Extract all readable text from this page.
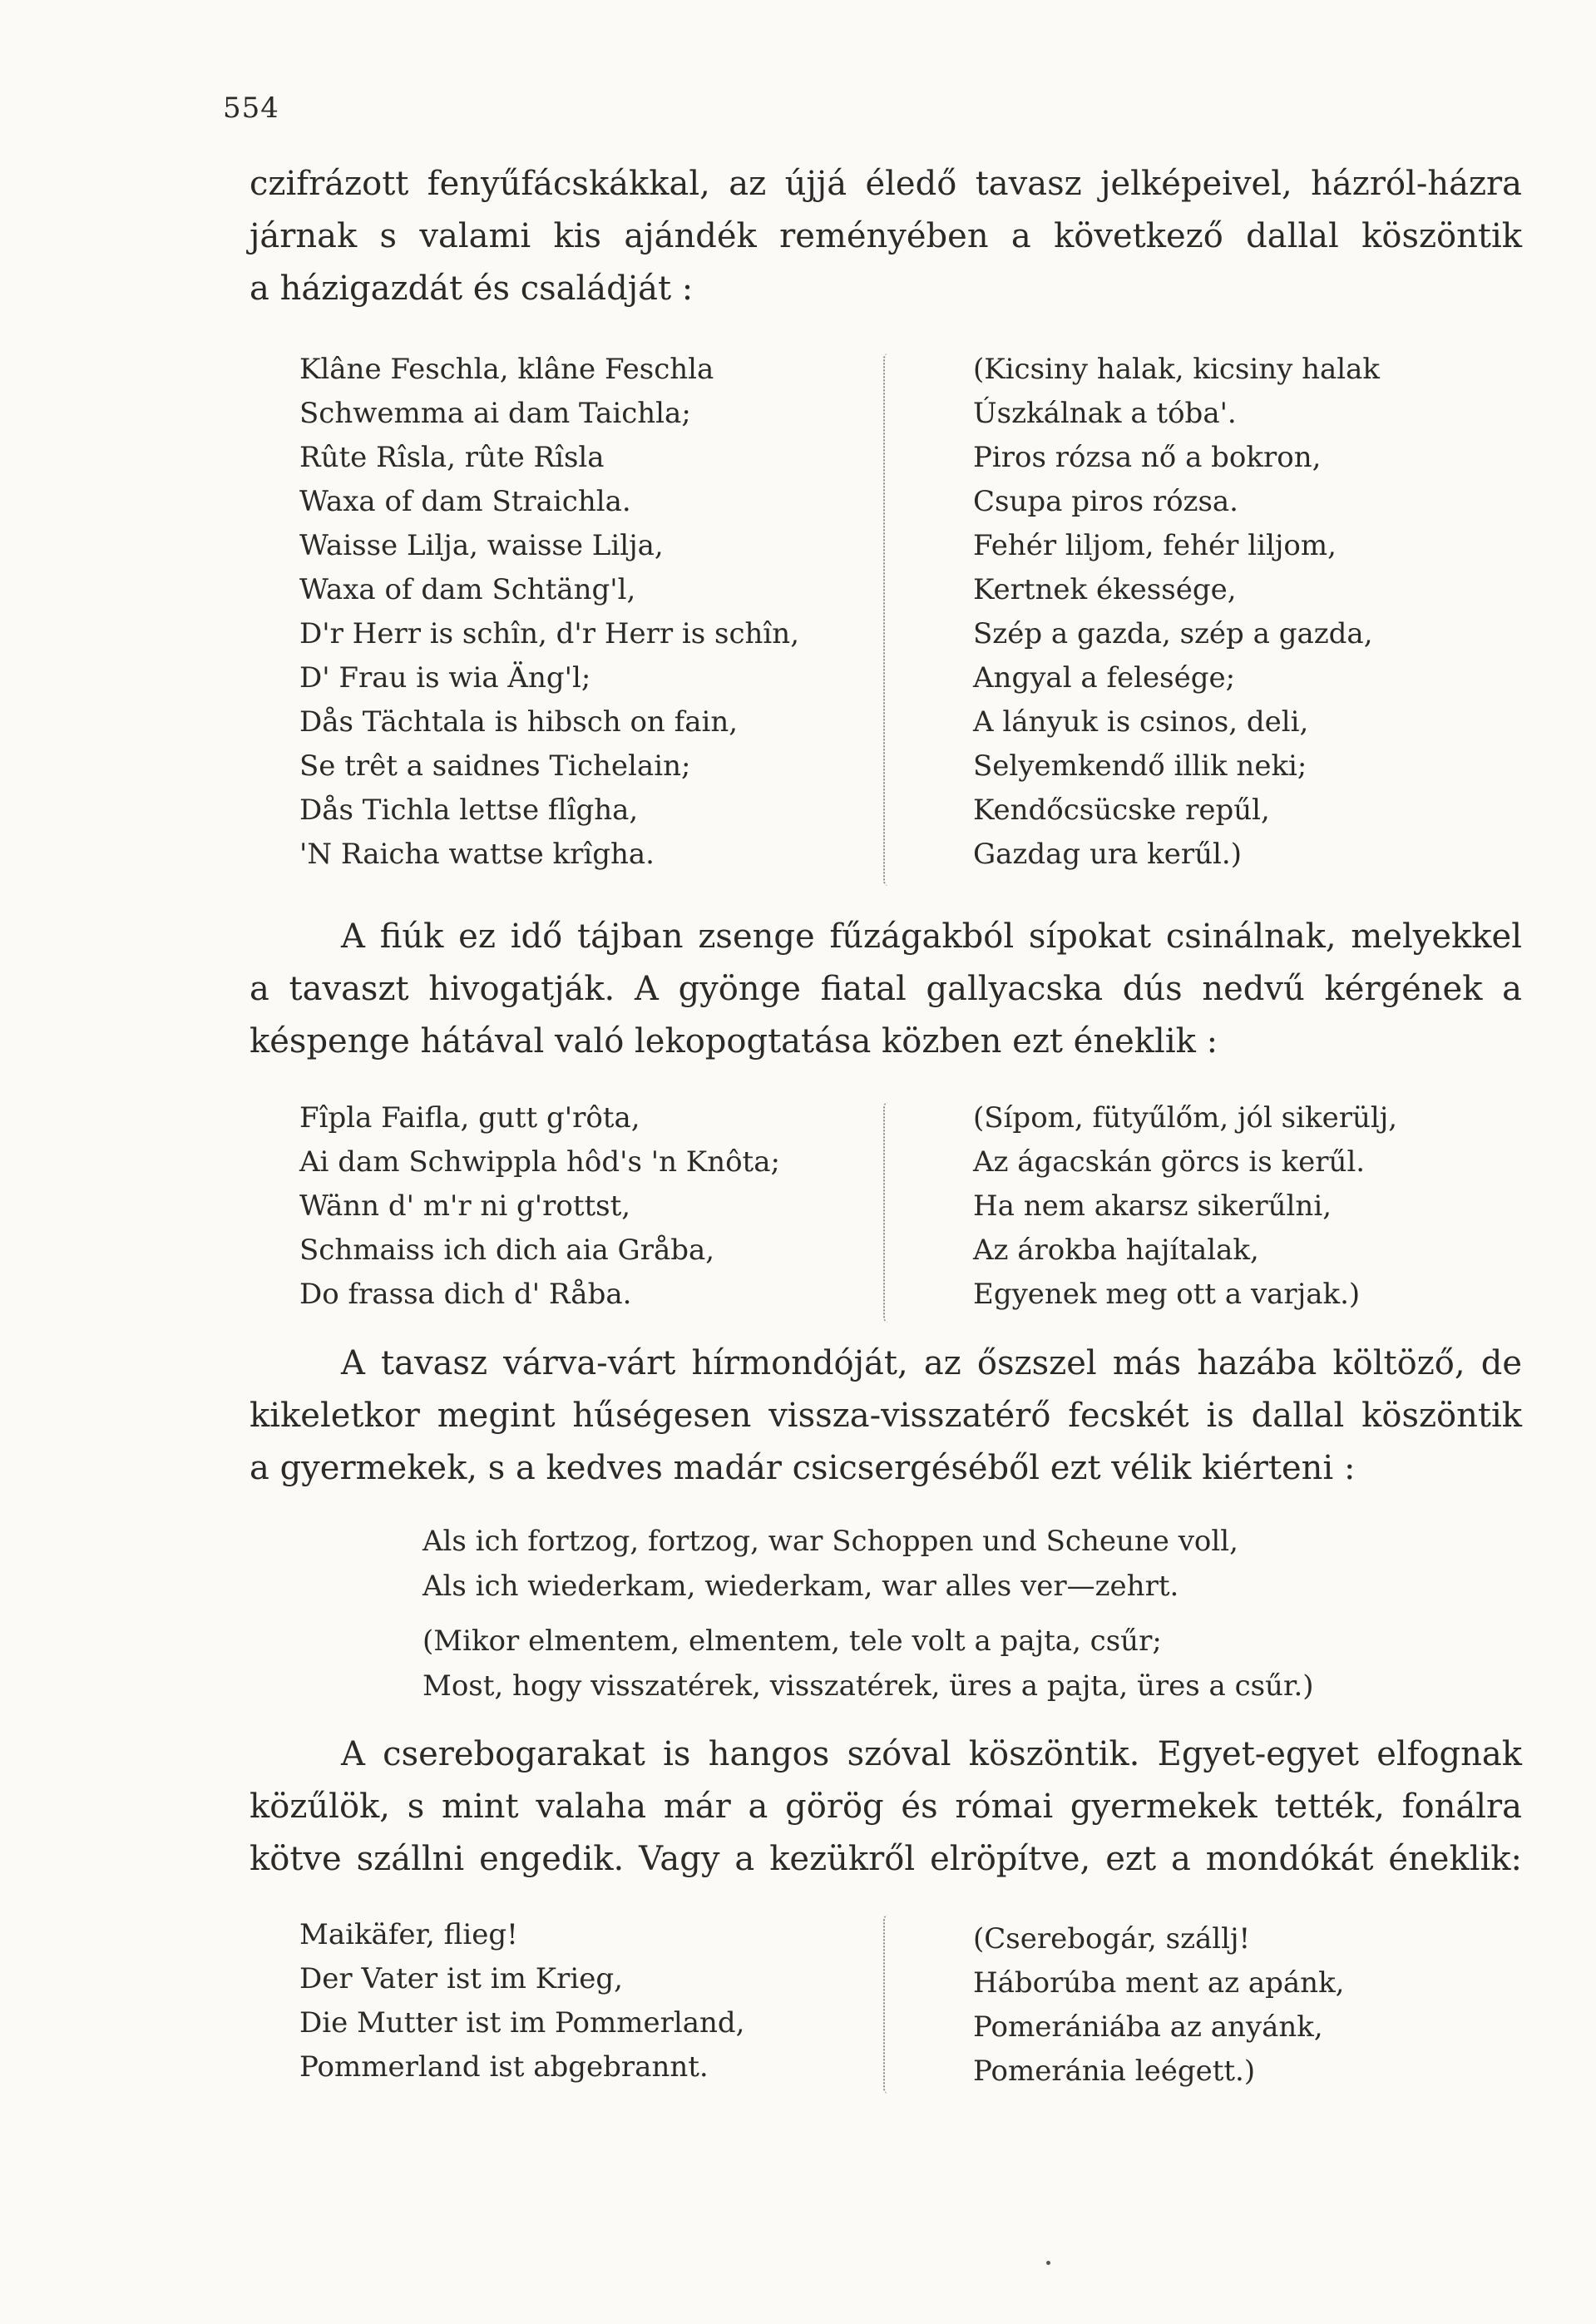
554
czifrázott fenyűfácskákkal, az újjá éledő tavasz jelképeivel, házról-házra
járnak s valami kis ajándék reményében a következő dallal köszöntik
a házigazdát és családját :
Klâne Feschla, klâne Feschla
Schwemma ai dam Taichla;
Rûte Rîsla, rûte Rîsla
Waxa of dam Straichla.
Waisse Lilja, waisse Lilja,
Waxa of dam Schtäng'l,
D'r Herr is schîn, d'r Herr is schîn,
D' Frau is wia Äng'l;
Dås Tächtala is hibsch on fain,
Se trêt a saidnes Tichelain;
Dås Tichla lettse flîgha,
'N Raicha wattse krîgha.
(Kicsiny halak, kicsiny halak
Úszkálnak a tóba'.
Piros rózsa nő a bokron,
Csupa piros rózsa.
Fehér liljom, fehér liljom,
Kertnek ékessége,
Szép a gazda, szép a gazda,
Angyal a felesége;
A lányuk is csinos, deli,
Selyemkendő illik neki;
Kendőcsücske repűl,
Gazdag ura kerűl.)
A fiúk ez idő tájban zsenge fűzágakból sípokat csinálnak, melyekkel
a tavaszt hivogatják. A gyönge fiatal gallyacska dús nedvű kérgének a
késpenge hátával való lekopogtatása közben ezt éneklik :
Fîpla Faifla, gutt g'rôta,
Ai dam Schwippla hôd's 'n Knôta;
Wänn d' m'r ni g'rottst,
Schmaiss ich dich aia Gråba,
Do frassa dich d' Råba.
(Sípom, fütyűlőm, jól sikerülj,
Az ágacskán görcs is kerűl.
Ha nem akarsz sikerűlni,
Az árokba hajítalak,
Egyenek meg ott a varjak.)
A tavasz várva-várt hírmondóját, az őszszel más hazába költöző, de
kikeletkor megint hűségesen vissza-visszatérő fecskét is dallal köszöntik
a gyermekek, s a kedves madár csicsergéséből ezt vélik kiérteni :
Als ich fortzog, fortzog, war Schoppen und Scheune voll,
Als ich wiederkam, wiederkam, war alles ver—zehrt.
(Mikor elmentem, elmentem, tele volt a pajta, csűr;
Most, hogy visszatérek, visszatérek, üres a pajta, üres a csűr.)
A cserebogarakat is hangos szóval köszöntik. Egyet-egyet elfognak
közűlök, s mint valaha már a görög és római gyermekek tették, fonálra
kötve szállni engedik. Vagy a kezükről elröpítve, ezt a mondókát éneklik:
Maikäfer, flieg!
Der Vater ist im Krieg,
Die Mutter ist im Pommerland,
Pommerland ist abgebrannt.
(Cserebogár, szállj!
Háborúba ment az apánk,
Pomerániába az anyánk,
Pomeránia leégett.)
